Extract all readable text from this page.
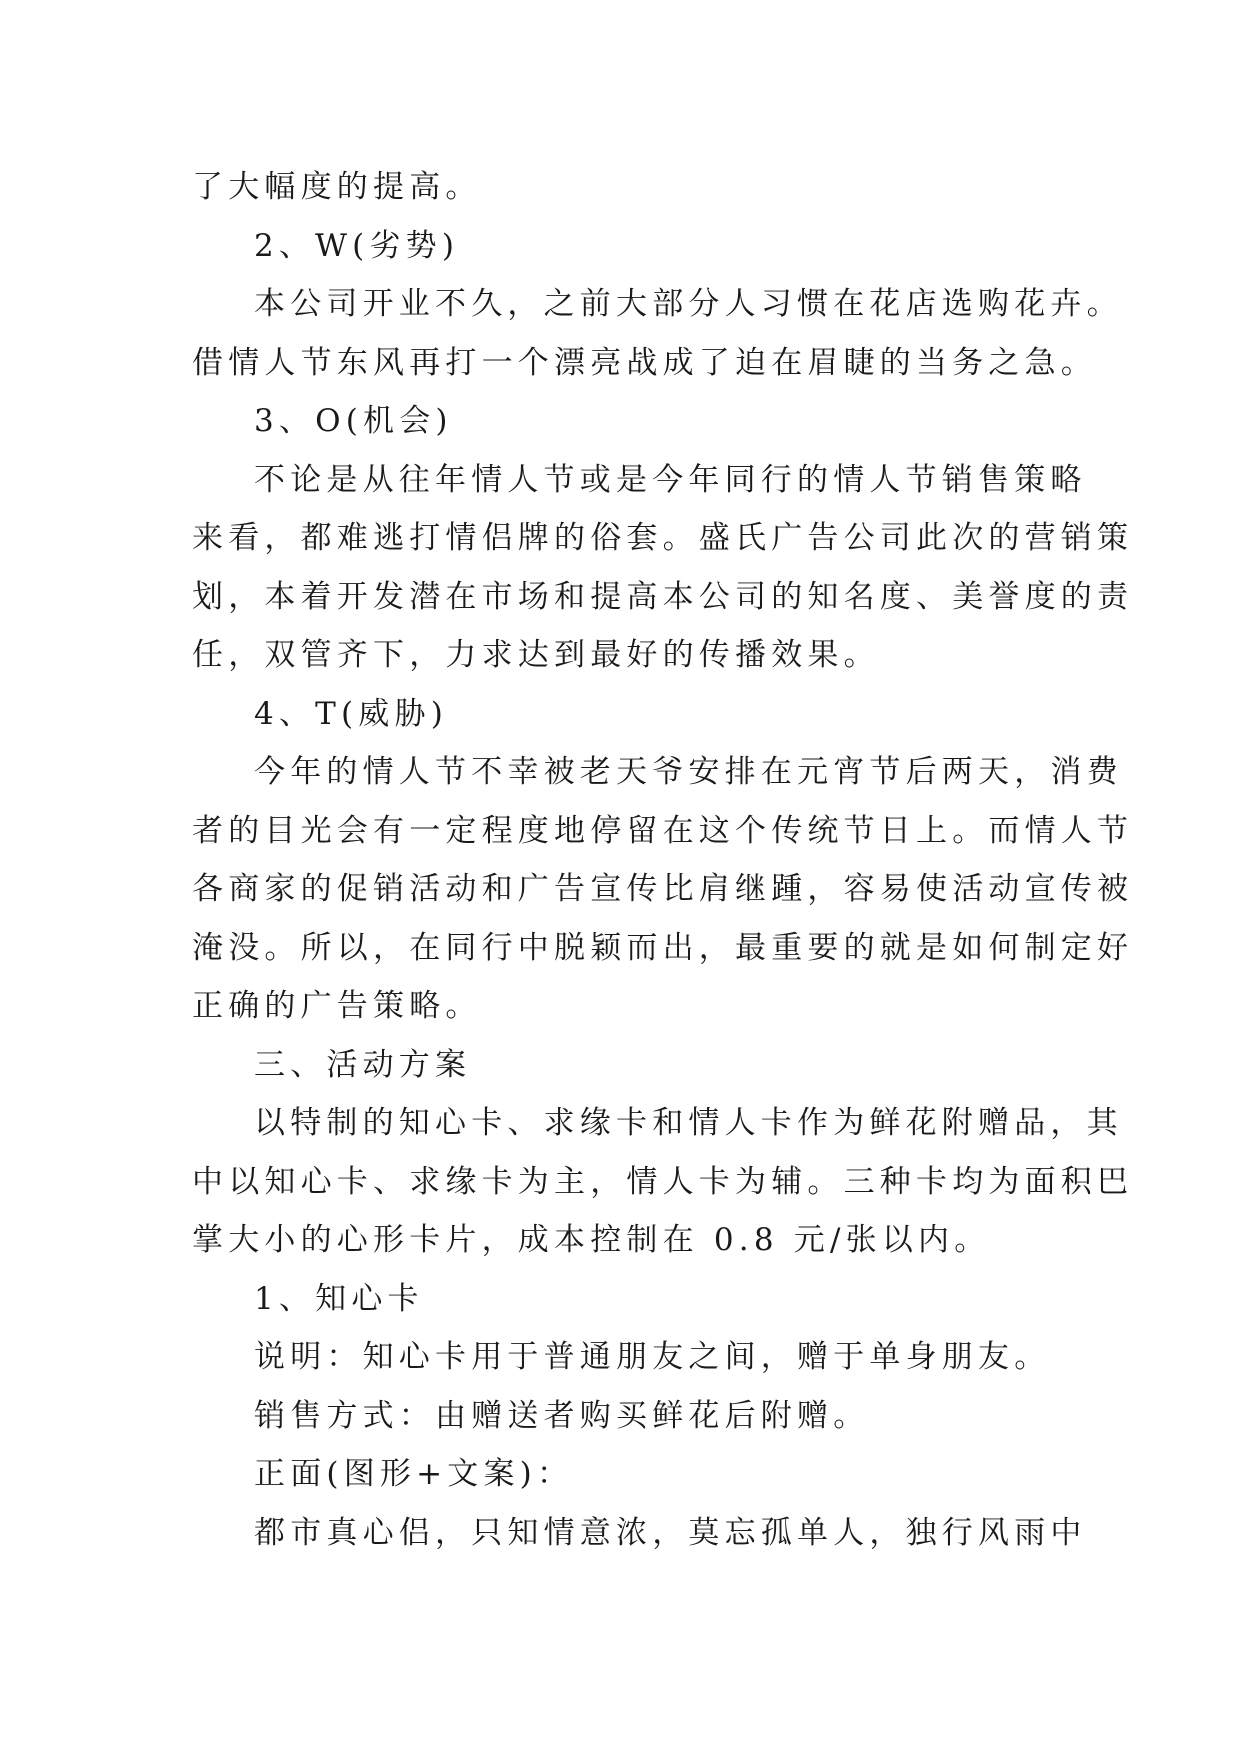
了大幅度的提高。

2、W(劣势)

本公司开业不久，之前大部分人习惯在花店选购花卉。

借情人节东风再打一个漂亮战成了迫在眉睫的当务之急。

3、O(机会)

不论是从往年情人节或是今年同行的情人节销售策略

来看，都难逃打情侣牌的俗套。盛氏广告公司此次的营销策

划，本着开发潜在市场和提高本公司的知名度、美誉度的责

任，双管齐下，力求达到最好的传播效果。

4、T(威胁)

今年的情人节不幸被老天爷安排在元宵节后两天，消费

者的目光会有一定程度地停留在这个传统节日上。而情人节

各商家的促销活动和广告宣传比肩继踵，容易使活动宣传被

淹没。所以，在同行中脱颖而出，最重要的就是如何制定好

正确的广告策略。

三、活动方案

以特制的知心卡、求缘卡和情人卡作为鲜花附赠品，其

中以知心卡、求缘卡为主，情人卡为辅。三种卡均为面积巴

掌大小的心形卡片，成本控制在 0.8 元/张以内。

1、知心卡

说明：知心卡用于普通朋友之间，赠于单身朋友。

销售方式：由赠送者购买鲜花后附赠。

正面(图形+文案)：

都市真心侣，只知情意浓，莫忘孤单人，独行风雨中
